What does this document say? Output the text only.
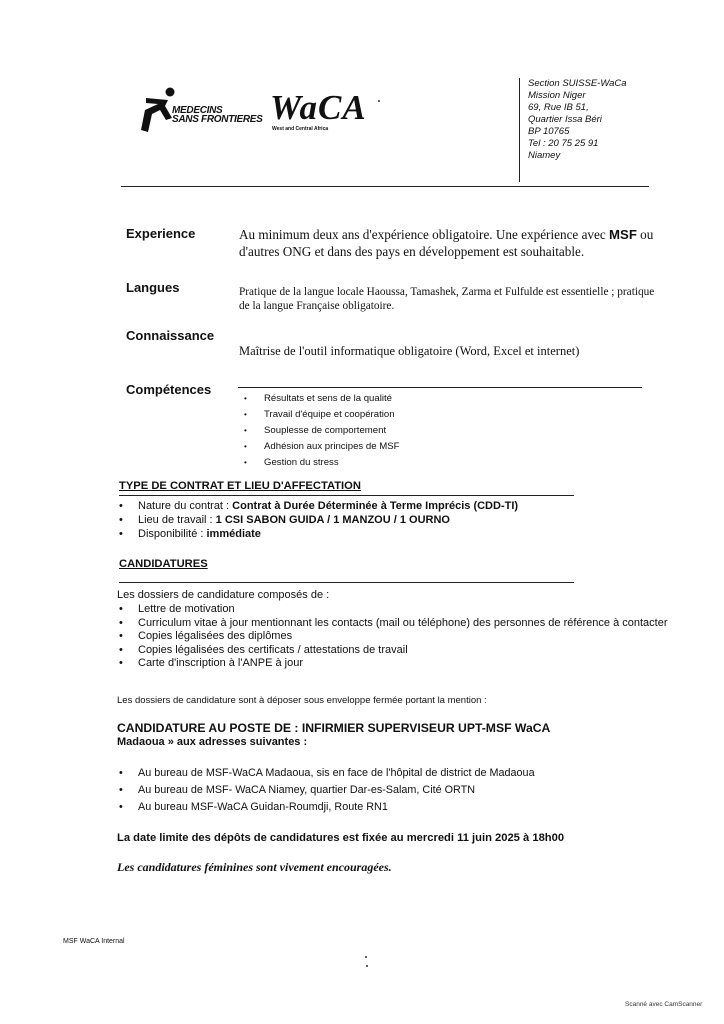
MEDECINS
SANS FRONTIERES WaCA
West and Central Africa
Section SUISSE-WaCa
Mission Niger
69, Rue IB 51,
Quartier Issa Béri
BP 10765
Tel : 20 75 25 91
Niamey
Experience	Au minimum deux ans d'expérience obligatoire. Une expérience avec MSF ou d'autres ONG et dans des pays en développement est souhaitable.
Langues	Pratique de la langue locale Haoussa, Tamashek, Zarma et Fulfulde est essentielle ; pratique de la langue Française obligatoire.
Connaissance
Maîtrise de l'outil informatique obligatoire (Word, Excel et internet)
Compétences
• Résultats et sens de la qualité
• Travail d'équipe et coopération
• Souplesse de comportement
• Adhésion aux principes de MSF
• Gestion du stress
TYPE DE CONTRAT ET LIEU D'AFFECTATION
• Nature du contrat : Contrat à Durée Déterminée à Terme Imprécis (CDD-TI)
• Lieu de travail : 1 CSI SABON GUIDA / 1 MANZOU / 1 OURNO
• Disponibilité : immédiate
CANDIDATURES
Les dossiers de candidature composés de :
• Lettre de motivation
• Curriculum vitae à jour mentionnant les contacts (mail ou téléphone) des personnes de référence à contacter
• Copies légalisées des diplômes
• Copies légalisées des certificats / attestations de travail
• Carte d'inscription à l'ANPE à jour
Les dossiers de candidature sont à déposer sous enveloppe fermée portant la mention :
CANDIDATURE AU POSTE DE : INFIRMIER SUPERVISEUR UPT-MSF WaCA
Madaoua » aux adresses suivantes :
• Au bureau de MSF-WaCA Madaoua, sis en face de l'hôpital de district de Madaoua
• Au bureau de MSF- WaCA Niamey, quartier Dar-es-Salam, Cité ORTN
• Au bureau MSF-WaCA Guidan-Roumdji, Route RN1
La date limite des dépôts de candidatures est fixée au mercredi 11 juin 2025 à 18h00
Les candidatures féminines sont vivement encouragées.
MSF WaCA Internal
Scanné avec CamScanner
